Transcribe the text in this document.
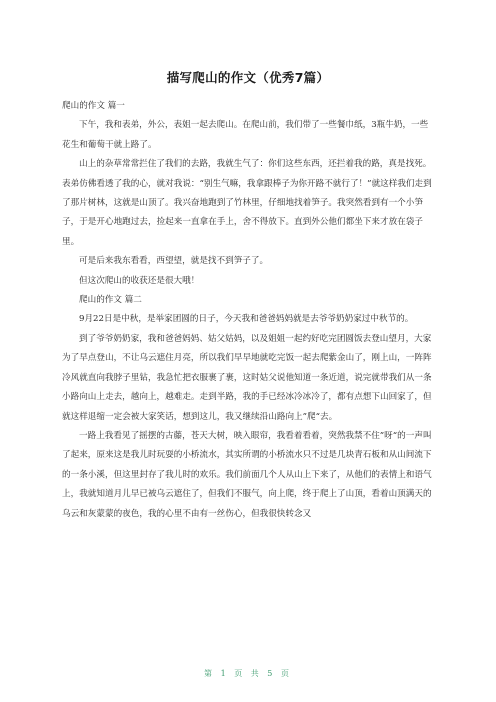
描写爬山的作文（优秀7篇）

爬山的作文 篇一

下午，我和表弟，外公，表姐一起去爬山。在爬山前，我们带了一些餐巾纸，3瓶牛奶，一些花生和葡萄干就上路了。

山上的杂草常常拦住了我们的去路，我就生气了：你们这些东西，还拦着我的路，真是找死。表弟仿佛看透了我的心，就对我说：“别生气嘛，我拿跟棒子为你开路不就行了！”就这样我们走到了那片树林，这就是山顶了。我兴奋地跑到了竹林里，仔细地找着笋子。我突然看到有一个小笋子，于是开心地跑过去，捡起来一直拿在手上，舍不得放下。直到外公他们都坐下来才放在袋子里。

可是后来我东看看，西望望，就是找不到笋子了。

但这次爬山的收获还是很大哦！

爬山的作文 篇二

9月22日是中秋，是举家团圆的日子，今天我和爸爸妈妈就是去爷爷奶奶家过中秋节的。

到了爷爷奶奶家，我和爸爸妈妈、姑父姑妈，以及姐姐一起约好吃完团圆饭去登山望月，大家为了早点登山，不让乌云遮住月亮，所以我们早早地就吃完饭一起去爬紫金山了，刚上山，一阵阵冷风就直向我脖子里钻，我急忙把衣服裹了裹，这时姑父说他知道一条近道，说完就带我们从一条小路向山上走去，越向上，越难走。走到半路，我的手已经冰冷冰冷了，都有点想下山回家了，但就这样退缩一定会被大家笑话，想到这儿，我又继续沿山路向上”爬“去。

一路上我看见了摇摆的古藤，苍天大树，映入眼帘，我看着看着，突然我禁不住”呀“的一声叫了起来，原来这是我儿时玩耍的小桥流水，其实所谓的小桥流水只不过是几块青石板和从山间流下的一条小溪，但这里封存了我儿时的欢乐。我们前面几个人从山上下来了，从他们的表情上和语气上，我就知道月儿早已被乌云遮住了，但我们不服气，向上爬，终于爬上了山顶，看着山顶满天的乌云和灰蒙蒙的夜色，我的心里不由有一丝伤心，但我很快转念又

第 1 页 共 5 页
